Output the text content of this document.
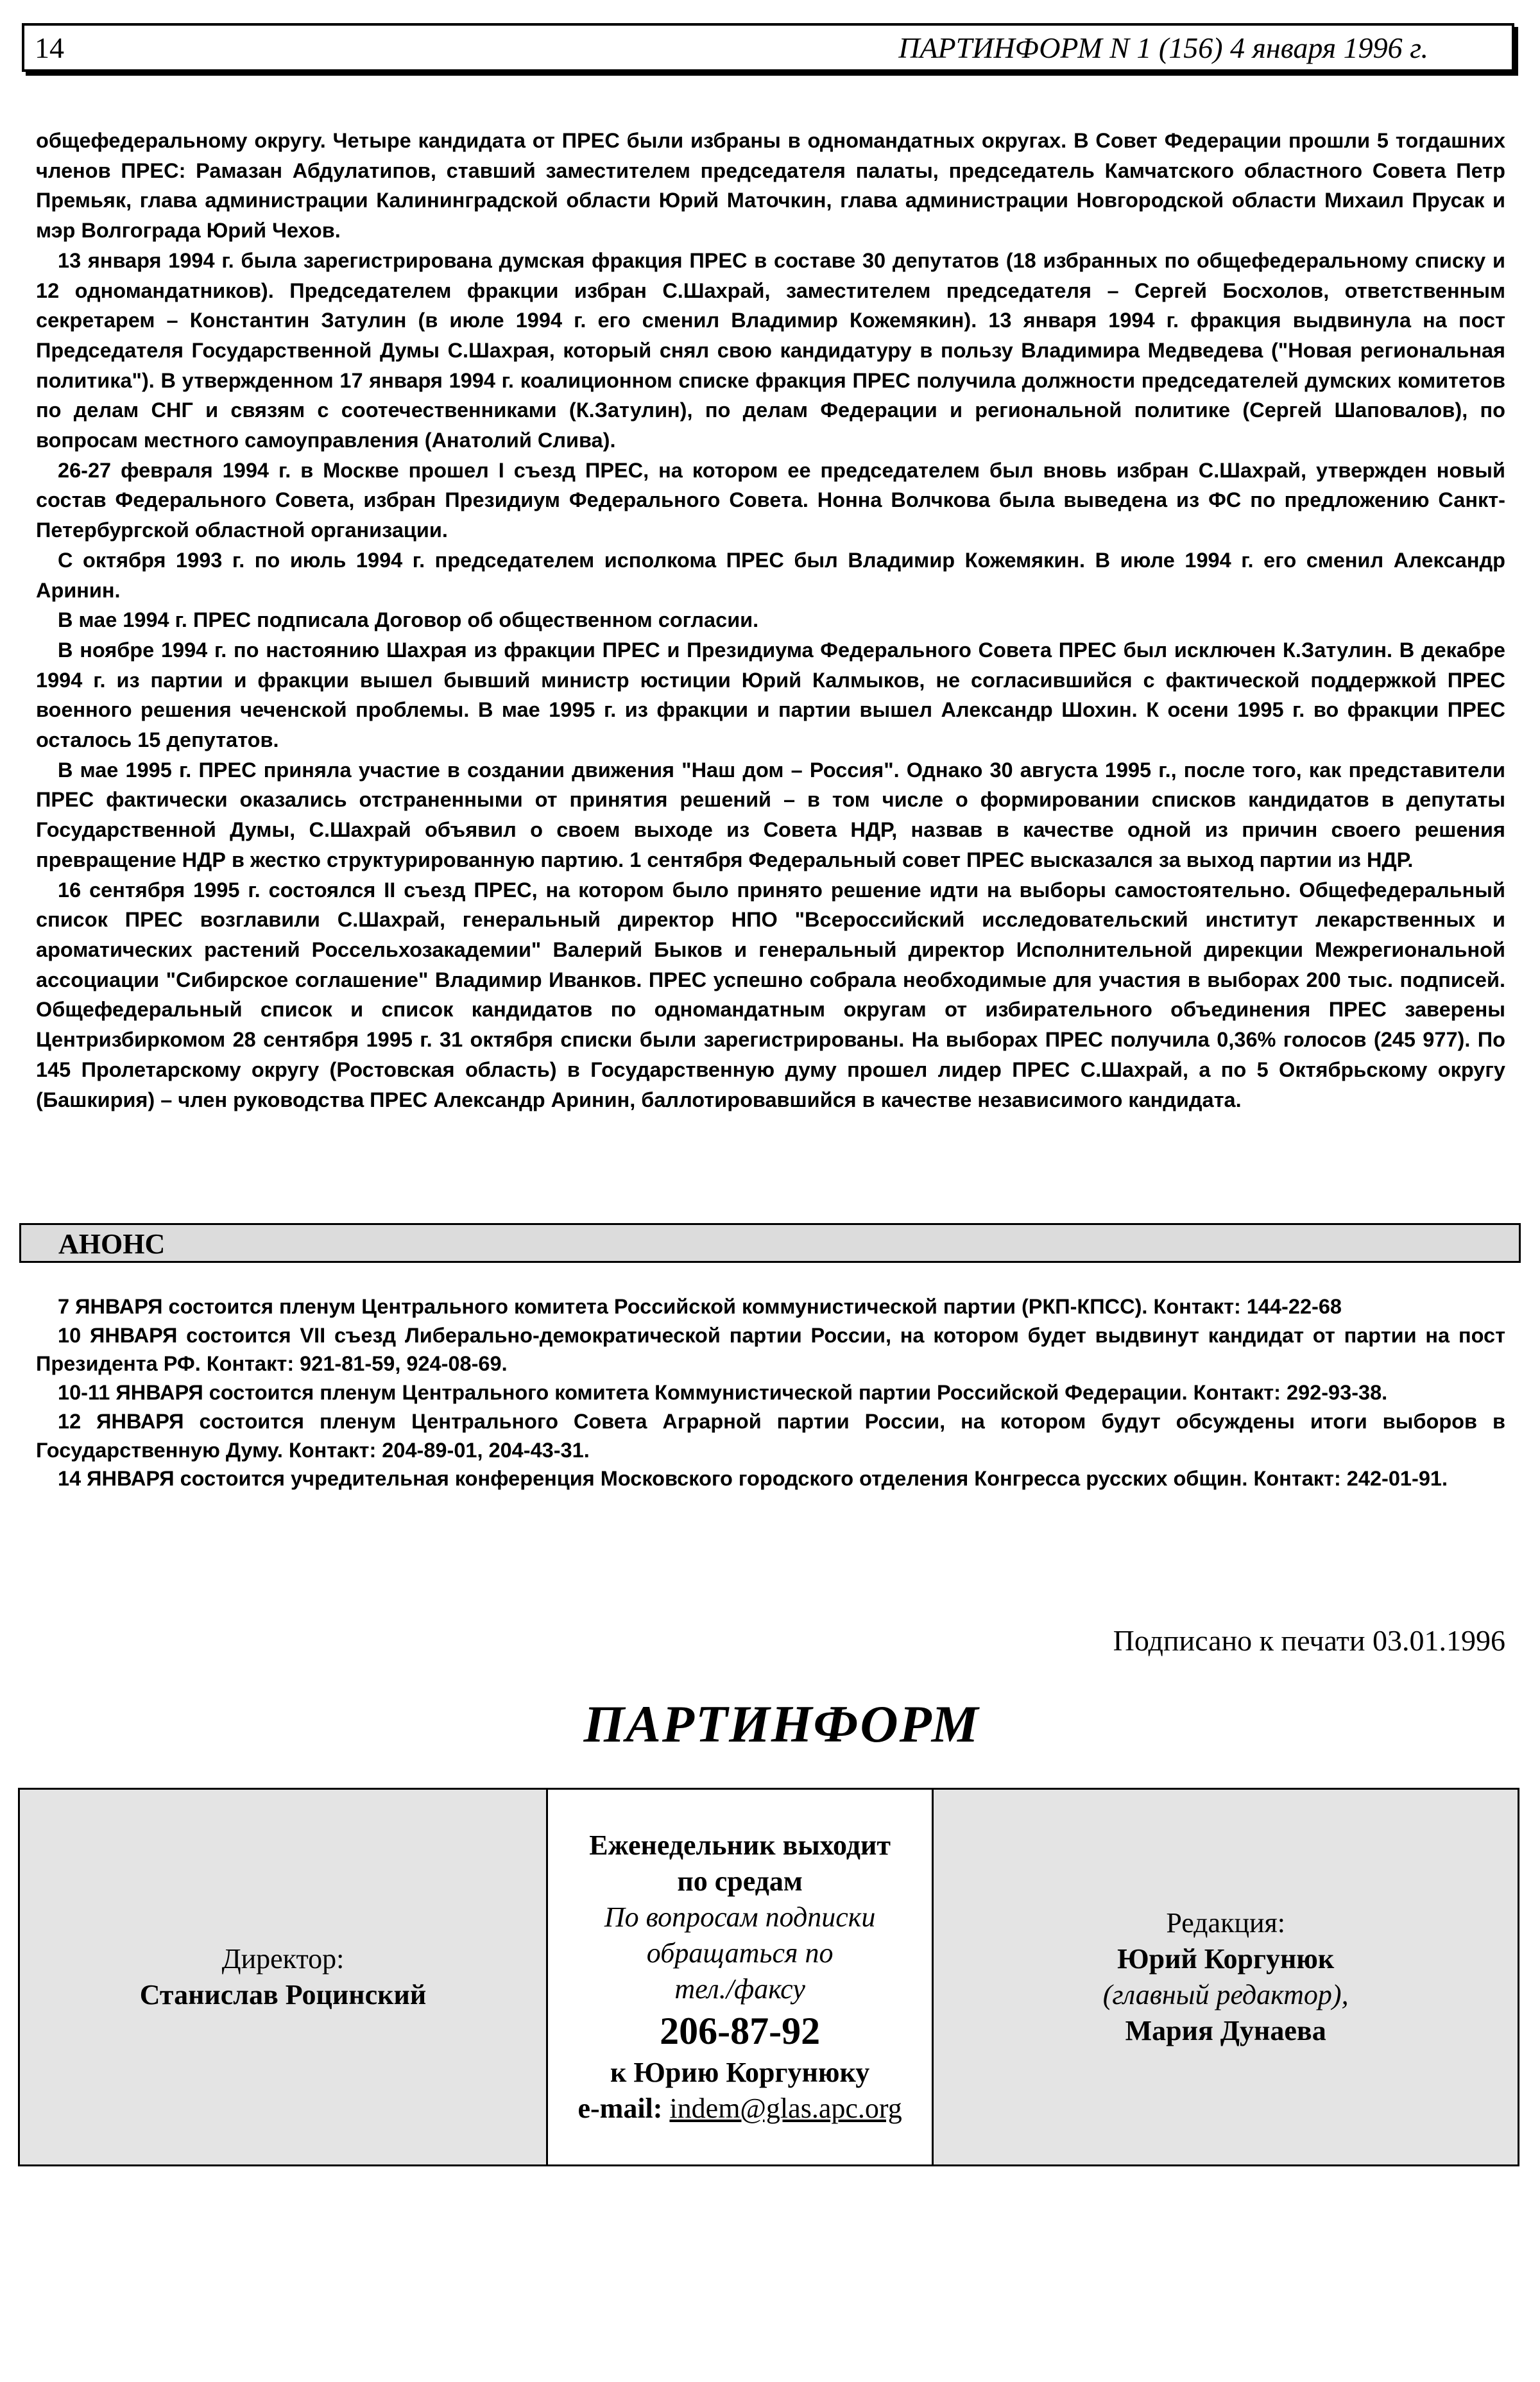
14	ПАРТИНФОРМ N 1 (156) 4 января 1996 г.

общефедеральному округу. Четыре кандидата от ПРЕС были избраны в одномандатных округах. В Совет Федерации прошли 5 тогдашних членов ПРЕС: Рамазан Абдулатипов, ставший заместителем председателя палаты, председатель Камчатского областного Совета Петр Премьяк, глава администрации Калининградской области Юрий Маточкин, глава администрации Новгородской области Михаил Прусак и мэр Волгограда Юрий Чехов.

13 января 1994 г. была зарегистрирована думская фракция ПРЕС в составе 30 депутатов (18 избранных по общефедеральному списку и 12 одномандатников). Председателем фракции избран С.Шахрай, заместителем председателя – Сергей Босхолов, ответственным секретарем – Константин Затулин (в июле 1994 г. его сменил Владимир Кожемякин). 13 января 1994 г. фракция выдвинула на пост Председателя Государственной Думы С.Шахрая, который снял свою кандидатуру в пользу Владимира Медведева ("Новая региональная политика"). В утвержденном 17 января 1994 г. коалиционном списке фракция ПРЕС получила должности председателей думских комитетов по делам СНГ и связям с соотечественниками (К.Затулин), по делам Федерации и региональной политике (Сергей Шаповалов), по вопросам местного самоуправления (Анатолий Слива).

26-27 февраля 1994 г. в Москве прошел I съезд ПРЕС, на котором ее председателем был вновь избран С.Шахрай, утвержден новый состав Федерального Совета, избран Президиум Федерального Совета. Нонна Волчкова была выведена из ФС по предложению Санкт-Петербургской областной организации.

С октября 1993 г. по июль 1994 г. председателем исполкома ПРЕС был Владимир Кожемякин. В июле 1994 г. его сменил Александр Аринин.

В мае 1994 г. ПРЕС подписала Договор об общественном согласии.

В ноябре 1994 г. по настоянию Шахрая из фракции ПРЕС и Президиума Федерального Совета ПРЕС был исключен К.Затулин. В декабре 1994 г. из партии и фракции вышел бывший министр юстиции Юрий Калмыков, не согласившийся с фактической поддержкой ПРЕС военного решения чеченской проблемы. В мае 1995 г. из фракции и партии вышел Александр Шохин. К осени 1995 г. во фракции ПРЕС осталось 15 депутатов.

В мае 1995 г. ПРЕС приняла участие в создании движения "Наш дом – Россия". Однако 30 августа 1995 г., после того, как представители ПРЕС фактически оказались отстраненными от принятия решений – в том числе о формировании списков кандидатов в депутаты Государственной Думы, С.Шахрай объявил о своем выходе из Совета НДР, назвав в качестве одной из причин своего решения превращение НДР в жестко структурированную партию. 1 сентября Федеральный совет ПРЕС высказался за выход партии из НДР.

16 сентября 1995 г. состоялся II съезд ПРЕС, на котором было принято решение идти на выборы самостоятельно. Общефедеральный список ПРЕС возглавили С.Шахрай, генеральный директор НПО "Всероссийский исследовательский институт лекарственных и ароматических растений Россельхозакадемии" Валерий Быков и генеральный директор Исполнительной дирекции Межрегиональной ассоциации "Сибирское соглашение" Владимир Иванков. ПРЕС успешно собрала необходимые для участия в выборах 200 тыс. подписей. Общефедеральный список и список кандидатов по одномандатным округам от избирательного объединения ПРЕС заверены Центризбиркомом 28 сентября 1995 г. 31 октября списки были зарегистрированы. На выборах ПРЕС получила 0,36% голосов (245 977). По 145 Пролетарскому округу (Ростовская область) в Государственную думу прошел лидер ПРЕС С.Шахрай, а по 5 Октябрьскому округу (Башкирия) – член руководства ПРЕС Александр Аринин, баллотировавшийся в качестве независимого кандидата.

АНОНС

7 ЯНВАРЯ состоится пленум Центрального комитета Российской коммунистической партии (РКП-КПСС). Контакт: 144-22-68

10 ЯНВАРЯ состоится VII съезд Либерально-демократической партии России, на котором будет выдвинут кандидат от партии на пост Президента РФ. Контакт: 921-81-59, 924-08-69.

10-11 ЯНВАРЯ состоится пленум Центрального комитета Коммунистической партии Российской Федерации. Контакт: 292-93-38.

12 ЯНВАРЯ состоится пленум Центрального Совета Аграрной партии России, на котором будут обсуждены итоги выборов в Государственную Думу. Контакт: 204-89-01, 204-43-31.

14 ЯНВАРЯ состоится учредительная конференция Московского городского отделения Конгресса русских общин. Контакт: 242-01-91.

Подписано к печати 03.01.1996
ПАРТИНФОРМ
Директор:
Станислав Роцинский
Еженедельник выходит
по средам
По вопросам подписки
обращаться по
тел./факсу
206-87-92
к Юрию Коргунюку
e-mail: indem@glas.apc.org
Редакция:
Юрий Коргунюк
(главный редактор),
Мария Дунаева
